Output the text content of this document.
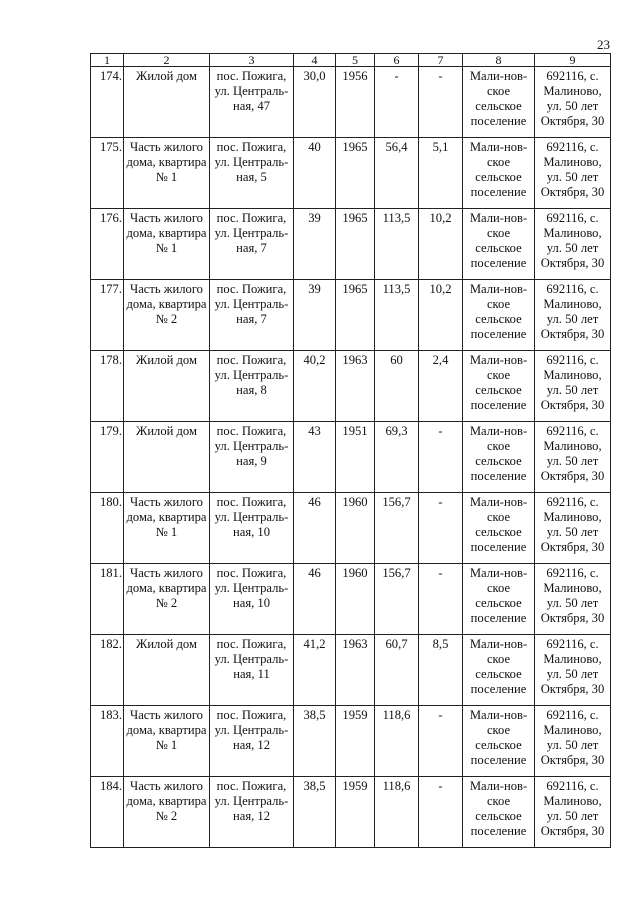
23
1	2	3	4	5	6	7	8	9
174.	Жилой дом	пос. Пожига, ул. Централь-ная, 47	30,0	1956	-	-	Мали-нов-ское сельское поселение	692116, с. Малиново, ул. 50 лет Октября, 30
175.	Часть жилого дома, квартира № 1	пос. Пожига, ул. Централь-ная, 5	40	1965	56,4	5,1	Мали-нов-ское сельское поселение	692116, с. Малиново, ул. 50 лет Октября, 30
176.	Часть жилого дома, квартира № 1	пос. Пожига, ул. Централь-ная, 7	39	1965	113,5	10,2	Мали-нов-ское сельское поселение	692116, с. Малиново, ул. 50 лет Октября, 30
177.	Часть жилого дома, квартира № 2	пос. Пожига, ул. Централь-ная, 7	39	1965	113,5	10,2	Мали-нов-ское сельское поселение	692116, с. Малиново, ул. 50 лет Октября, 30
178.	Жилой дом	пос. Пожига, ул. Централь-ная, 8	40,2	1963	60	2,4	Мали-нов-ское сельское поселение	692116, с. Малиново, ул. 50 лет Октября, 30
179.	Жилой дом	пос. Пожига, ул. Централь-ная, 9	43	1951	69,3	-	Мали-нов-ское сельское поселение	692116, с. Малиново, ул. 50 лет Октября, 30
180.	Часть жилого дома, квартира № 1	пос. Пожига, ул. Централь-ная, 10	46	1960	156,7	-	Мали-нов-ское сельское поселение	692116, с. Малиново, ул. 50 лет Октября, 30
181.	Часть жилого дома, квартира № 2	пос. Пожига, ул. Централь-ная, 10	46	1960	156,7	-	Мали-нов-ское сельское поселение	692116, с. Малиново, ул. 50 лет Октября, 30
182.	Жилой дом	пос. Пожига, ул. Централь-ная, 11	41,2	1963	60,7	8,5	Мали-нов-ское сельское поселение	692116, с. Малиново, ул. 50 лет Октября, 30
183.	Часть жилого дома, квартира № 1	пос. Пожига, ул. Централь-ная, 12	38,5	1959	118,6	-	Мали-нов-ское сельское поселение	692116, с. Малиново, ул. 50 лет Октября, 30
184.	Часть жилого дома, квартира № 2	пос. Пожига, ул. Централь-ная, 12	38,5	1959	118,6	-	Мали-нов-ское сельское поселение	692116, с. Малиново, ул. 50 лет Октября, 30
